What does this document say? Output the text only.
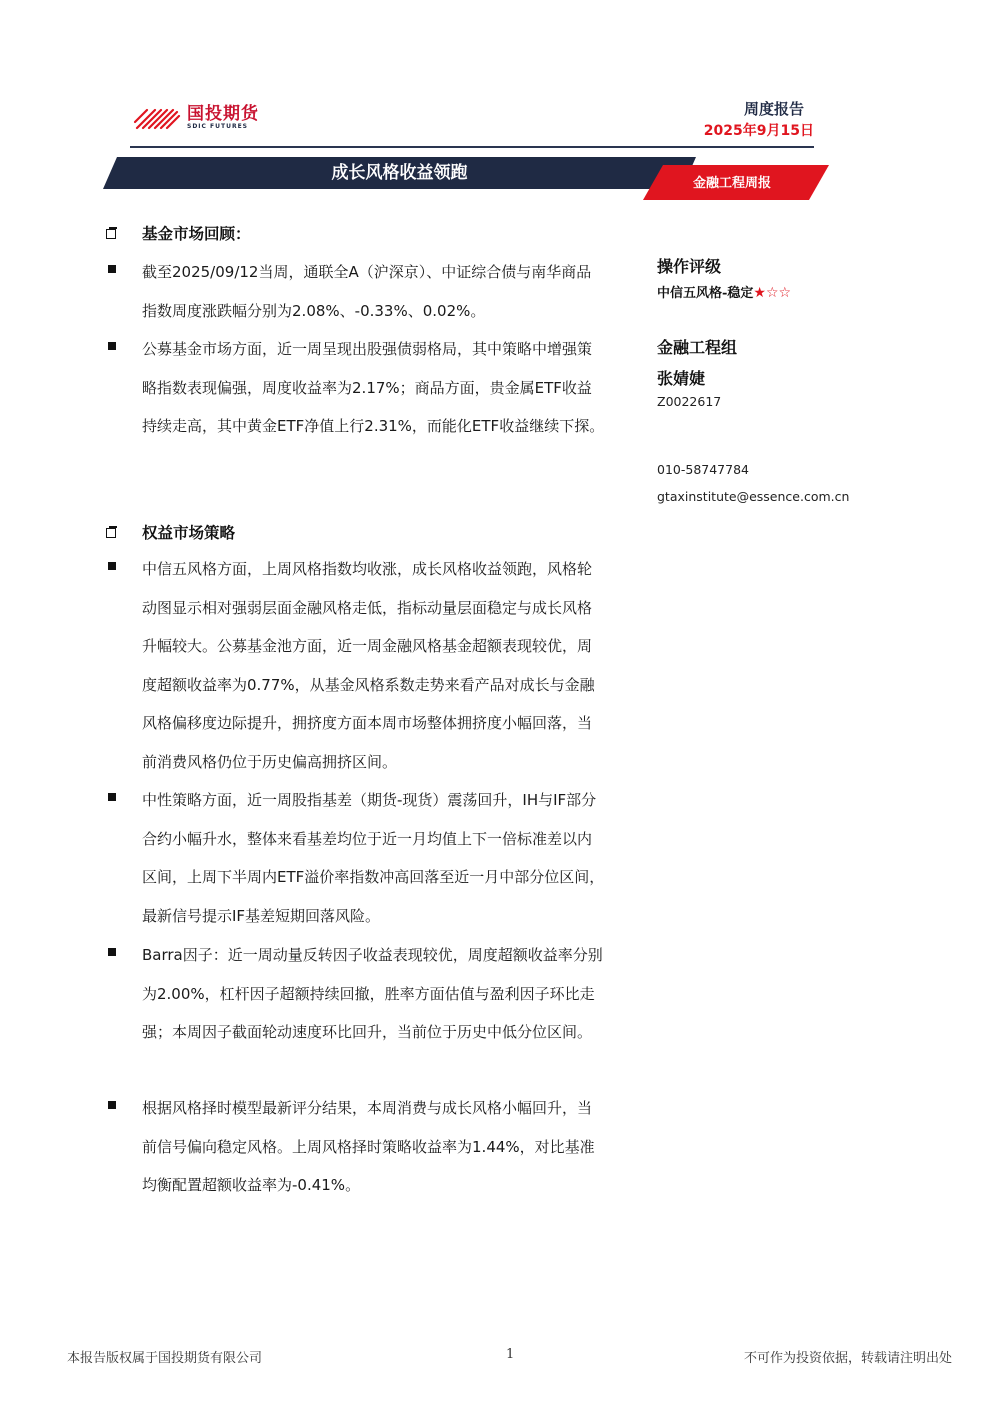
国投期货
SDIC FUTURES
周度报告
2025年9月15日
成长风格收益领跑
金融工程周报
基金市场回顾：
截至2025/09/12当周，通联全A（沪深京）、中证综合债与南华商品指数周度涨跌幅分别为2.08%、-0.33%、0.02%。
公募基金市场方面，近一周呈现出股强债弱格局，其中策略中增强策略指数表现偏强，周度收益率为2.17%；商品方面，贵金属ETF收益持续走高，其中黄金ETF净值上行2.31%，而能化ETF收益继续下探。
权益市场策略
中信五风格方面，上周风格指数均收涨，成长风格收益领跑，风格轮动图显示相对强弱层面金融风格走低，指标动量层面稳定与成长风格升幅较大。公募基金池方面，近一周金融风格基金超额表现较优，周度超额收益率为0.77%，从基金风格系数走势来看产品对成长与金融风格偏移度边际提升，拥挤度方面本周市场整体拥挤度小幅回落，当前消费风格仍位于历史偏高拥挤区间。
中性策略方面，近一周股指基差（期货-现货）震荡回升，IH与IF部分合约小幅升水，整体来看基差均位于近一月均值上下一倍标准差以内区间，上周下半周内ETF溢价率指数冲高回落至近一月中部分位区间，最新信号提示IF基差短期回落风险。
Barra因子：近一周动量反转因子收益表现较优，周度超额收益率分别为2.00%，杠杆因子超额持续回撤，胜率方面估值与盈利因子环比走强；本周因子截面轮动速度环比回升，当前位于历史中低分位区间。
根据风格择时模型最新评分结果，本周消费与成长风格小幅回升，当前信号偏向稳定风格。上周风格择时策略收益率为1.44%，对比基准均衡配置超额收益率为-0.41%。
操作评级
中信五风格-稳定★☆☆
金融工程组
张婧婕
Z0022617
010-58747784
gtaxinstitute@essence.com.cn
本报告版权属于国投期货有限公司	1	不可作为投资依据，转载请注明出处
